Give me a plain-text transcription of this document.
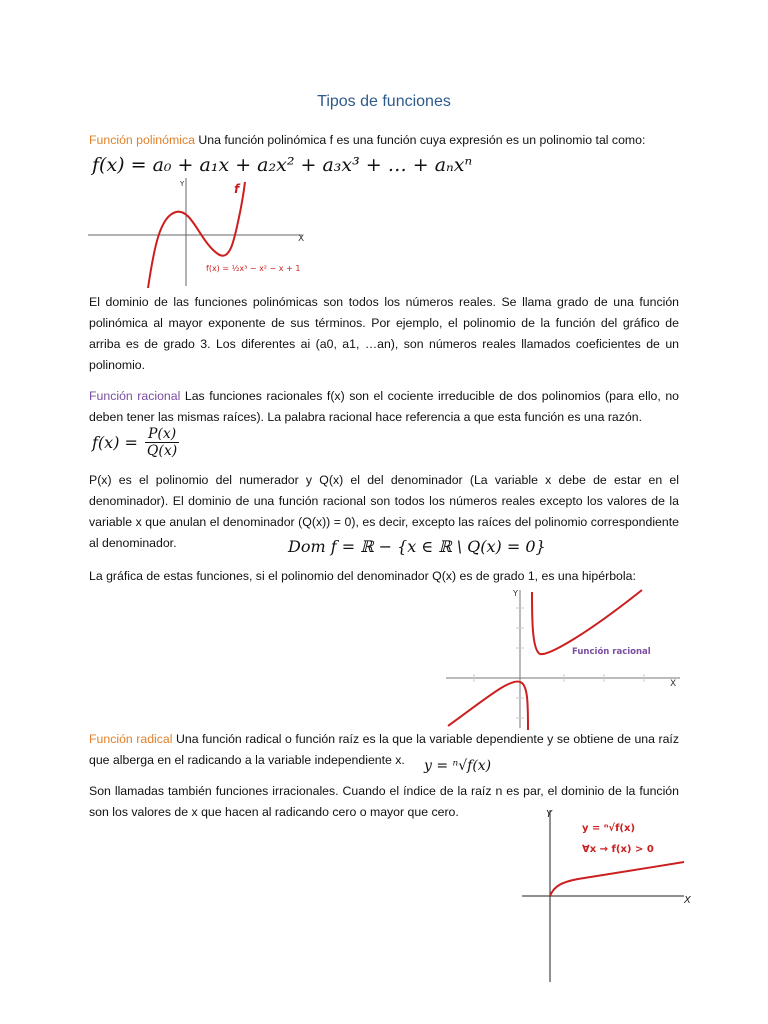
Tipos de funciones
Función polinómica Una función polinómica f es una función cuya expresión es un polinomio tal como:
f(x) = a₀ + a₁x + a₂x² + a₃x³ + … + aₙxⁿ
Y
X
f
f(x) = ½x³ − x² − x + 1
El dominio de las funciones polinómicas son todos los números reales. Se llama grado de una función polinómica al mayor exponente de sus términos. Por ejemplo, el polinomio de la función del gráfico de arriba es de grado 3. Los diferentes ai (a0, a1, …an), son números reales llamados coeficientes de un polinomio.
Función racional Las funciones racionales f(x) son el cociente irreducible de dos polinomios (para ello, no deben tener las mismas raíces). La palabra racional hace referencia a que esta función es una razón.
$f(x) = \frac{P(x)}{Q(x)}$
P(x) es el polinomio del numerador y Q(x) el del denominador (La variable x debe de estar en el denominador). El dominio de una función racional son todos los números reales excepto los valores de la variable x que anulan el denominador (Q(x)) = 0), es decir, excepto las raíces del polinomio correspondiente al denominador.	Dom f = ℝ − {x ∈ ℝ \ Q(x) = 0}
La gráfica de estas funciones, si el polinomio del denominador Q(x) es de grado 1, es una hipérbola:
Y
X
Función racional
Función radical Una función radical o función raíz es la que la variable dependiente y se obtiene de una raíz que alberga en el radicando a la variable independiente x.	y = ⁿ√f(x)
Son llamadas también funciones irracionales. Cuando el índice de la raíz n es par, el dominio de la función son los valores de x que hacen al radicando cero o mayor que cero.	Y
X
y = ⁿ√f(x)
∀x → f(x) > 0
